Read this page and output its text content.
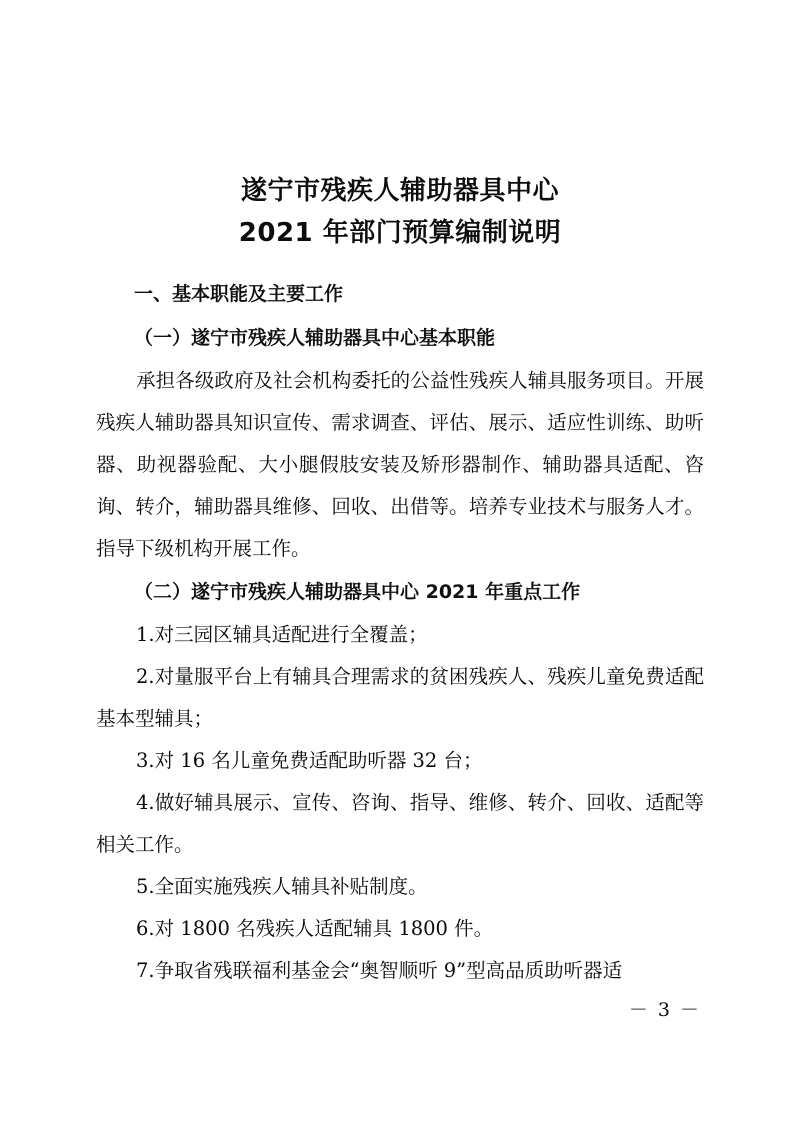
遂宁市残疾人辅助器具中心
2021 年部门预算编制说明
一、基本职能及主要工作
（一）遂宁市残疾人辅助器具中心基本职能
承担各级政府及社会机构委托的公益性残疾人辅具服务项目。开展残疾人辅助器具知识宣传、需求调查、评估、展示、适应性训练、助听器、助视器验配、大小腿假肢安装及矫形器制作、辅助器具适配、咨询、转介，辅助器具维修、回收、出借等。培养专业技术与服务人才。指导下级机构开展工作。
（二）遂宁市残疾人辅助器具中心 2021 年重点工作
1.对三园区辅具适配进行全覆盖；
2.对量服平台上有辅具合理需求的贫困残疾人、残疾儿童免费适配基本型辅具；
3.对 16 名儿童免费适配助听器 32 台；
4.做好辅具展示、宣传、咨询、指导、维修、转介、回收、适配等相关工作。
5.全面实施残疾人辅具补贴制度。
6.对 1800 名残疾人适配辅具 1800 件。
7.争取省残联福利基金会“奥智顺听 9”型高品质助听器适
－ 3 －
